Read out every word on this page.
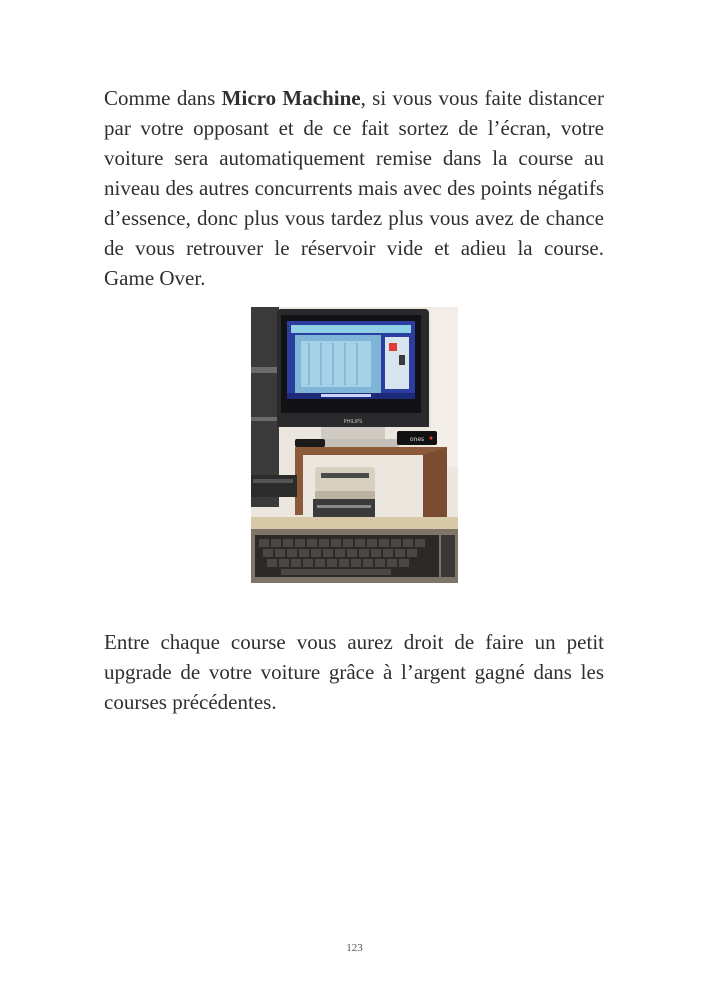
Comme dans Micro Machine, si vous vous faite distancer par votre opposant et de ce fait sortez de l’écran, votre voiture sera automatiquement remise dans la course au niveau des autres concurrents mais avec des points négatifs d’essence, donc plus vous tardez plus vous avez de chance de vous retrouver le réservoir vide et adieu la course. Game Over.

PHILIPS
ones

Entre chaque course vous aurez droit de faire un petit upgrade de votre voiture grâce à l’argent gagné dans les courses précédentes.

123
